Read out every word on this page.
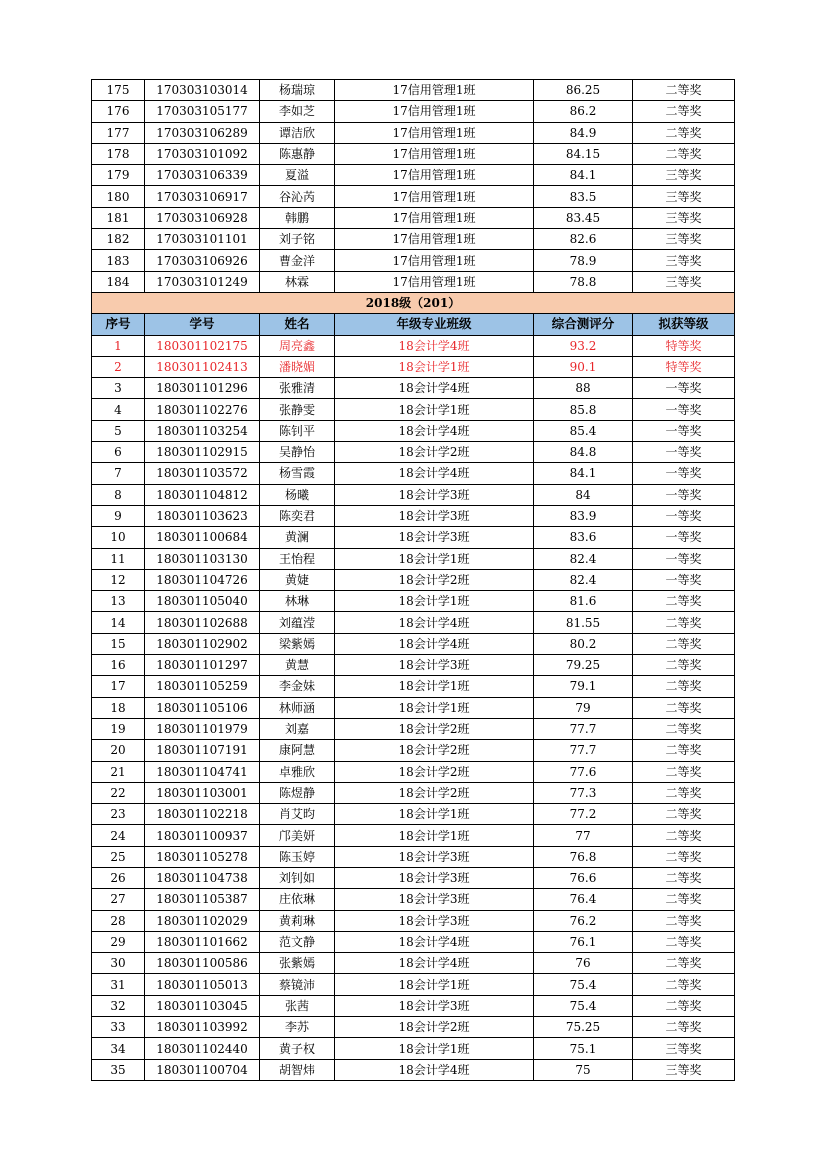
175	170303103014	杨瑞琼	17信用管理1班	86.25	二等奖
176	170303105177	李如芝	17信用管理1班	86.2	二等奖
177	170303106289	谭洁欣	17信用管理1班	84.9	二等奖
178	170303101092	陈惠静	17信用管理1班	84.15	二等奖
179	170303106339	夏溢	17信用管理1班	84.1	三等奖
180	170303106917	谷沁芮	17信用管理1班	83.5	三等奖
181	170303106928	韩鹏	17信用管理1班	83.45	三等奖
182	170303101101	刘子铭	17信用管理1班	82.6	三等奖
183	170303106926	曹金洋	17信用管理1班	78.9	三等奖
184	170303101249	林霖	17信用管理1班	78.8	三等奖
2018级（201）					
序号	学号	姓名	年级专业班级	综合测评分	拟获等级
1	180301102175	周亮鑫	18会计学4班	93.2	特等奖
2	180301102413	潘晓媚	18会计学1班	90.1	特等奖
3	180301101296	张雅清	18会计学4班	88	一等奖
4	180301102276	张静雯	18会计学1班	85.8	一等奖
5	180301103254	陈钊平	18会计学4班	85.4	一等奖
6	180301102915	吴静怡	18会计学2班	84.8	一等奖
7	180301103572	杨雪霞	18会计学4班	84.1	一等奖
8	180301104812	杨曦	18会计学3班	84	一等奖
9	180301103623	陈奕君	18会计学3班	83.9	一等奖
10	180301100684	黄澜	18会计学3班	83.6	一等奖
11	180301103130	王怡程	18会计学1班	82.4	一等奖
12	180301104726	黄婕	18会计学2班	82.4	一等奖
13	180301105040	林琳	18会计学1班	81.6	二等奖
14	180301102688	刘蕴滢	18会计学4班	81.55	二等奖
15	180301102902	梁紫嫣	18会计学4班	80.2	二等奖
16	180301101297	黄慧	18会计学3班	79.25	二等奖
17	180301105259	李金妹	18会计学1班	79.1	二等奖
18	180301105106	林师涵	18会计学1班	79	二等奖
19	180301101979	刘嘉	18会计学2班	77.7	二等奖
20	180301107191	康阿慧	18会计学2班	77.7	二等奖
21	180301104741	卓雅欣	18会计学2班	77.6	二等奖
22	180301103001	陈煜静	18会计学2班	77.3	二等奖
23	180301102218	肖艾昀	18会计学1班	77.2	二等奖
24	180301100937	邝美妍	18会计学1班	77	二等奖
25	180301105278	陈玉婷	18会计学3班	76.8	二等奖
26	180301104738	刘钊如	18会计学3班	76.6	二等奖
27	180301105387	庄依琳	18会计学3班	76.4	二等奖
28	180301102029	黄莉琳	18会计学3班	76.2	二等奖
29	180301101662	范文静	18会计学4班	76.1	二等奖
30	180301100586	张紫嫣	18会计学4班	76	二等奖
31	180301105013	蔡镜沛	18会计学1班	75.4	二等奖
32	180301103045	张茜	18会计学3班	75.4	二等奖
33	180301103992	李苏	18会计学2班	75.25	二等奖
34	180301102440	黄子权	18会计学1班	75.1	三等奖
35	180301100704	胡智炜	18会计学4班	75	三等奖
